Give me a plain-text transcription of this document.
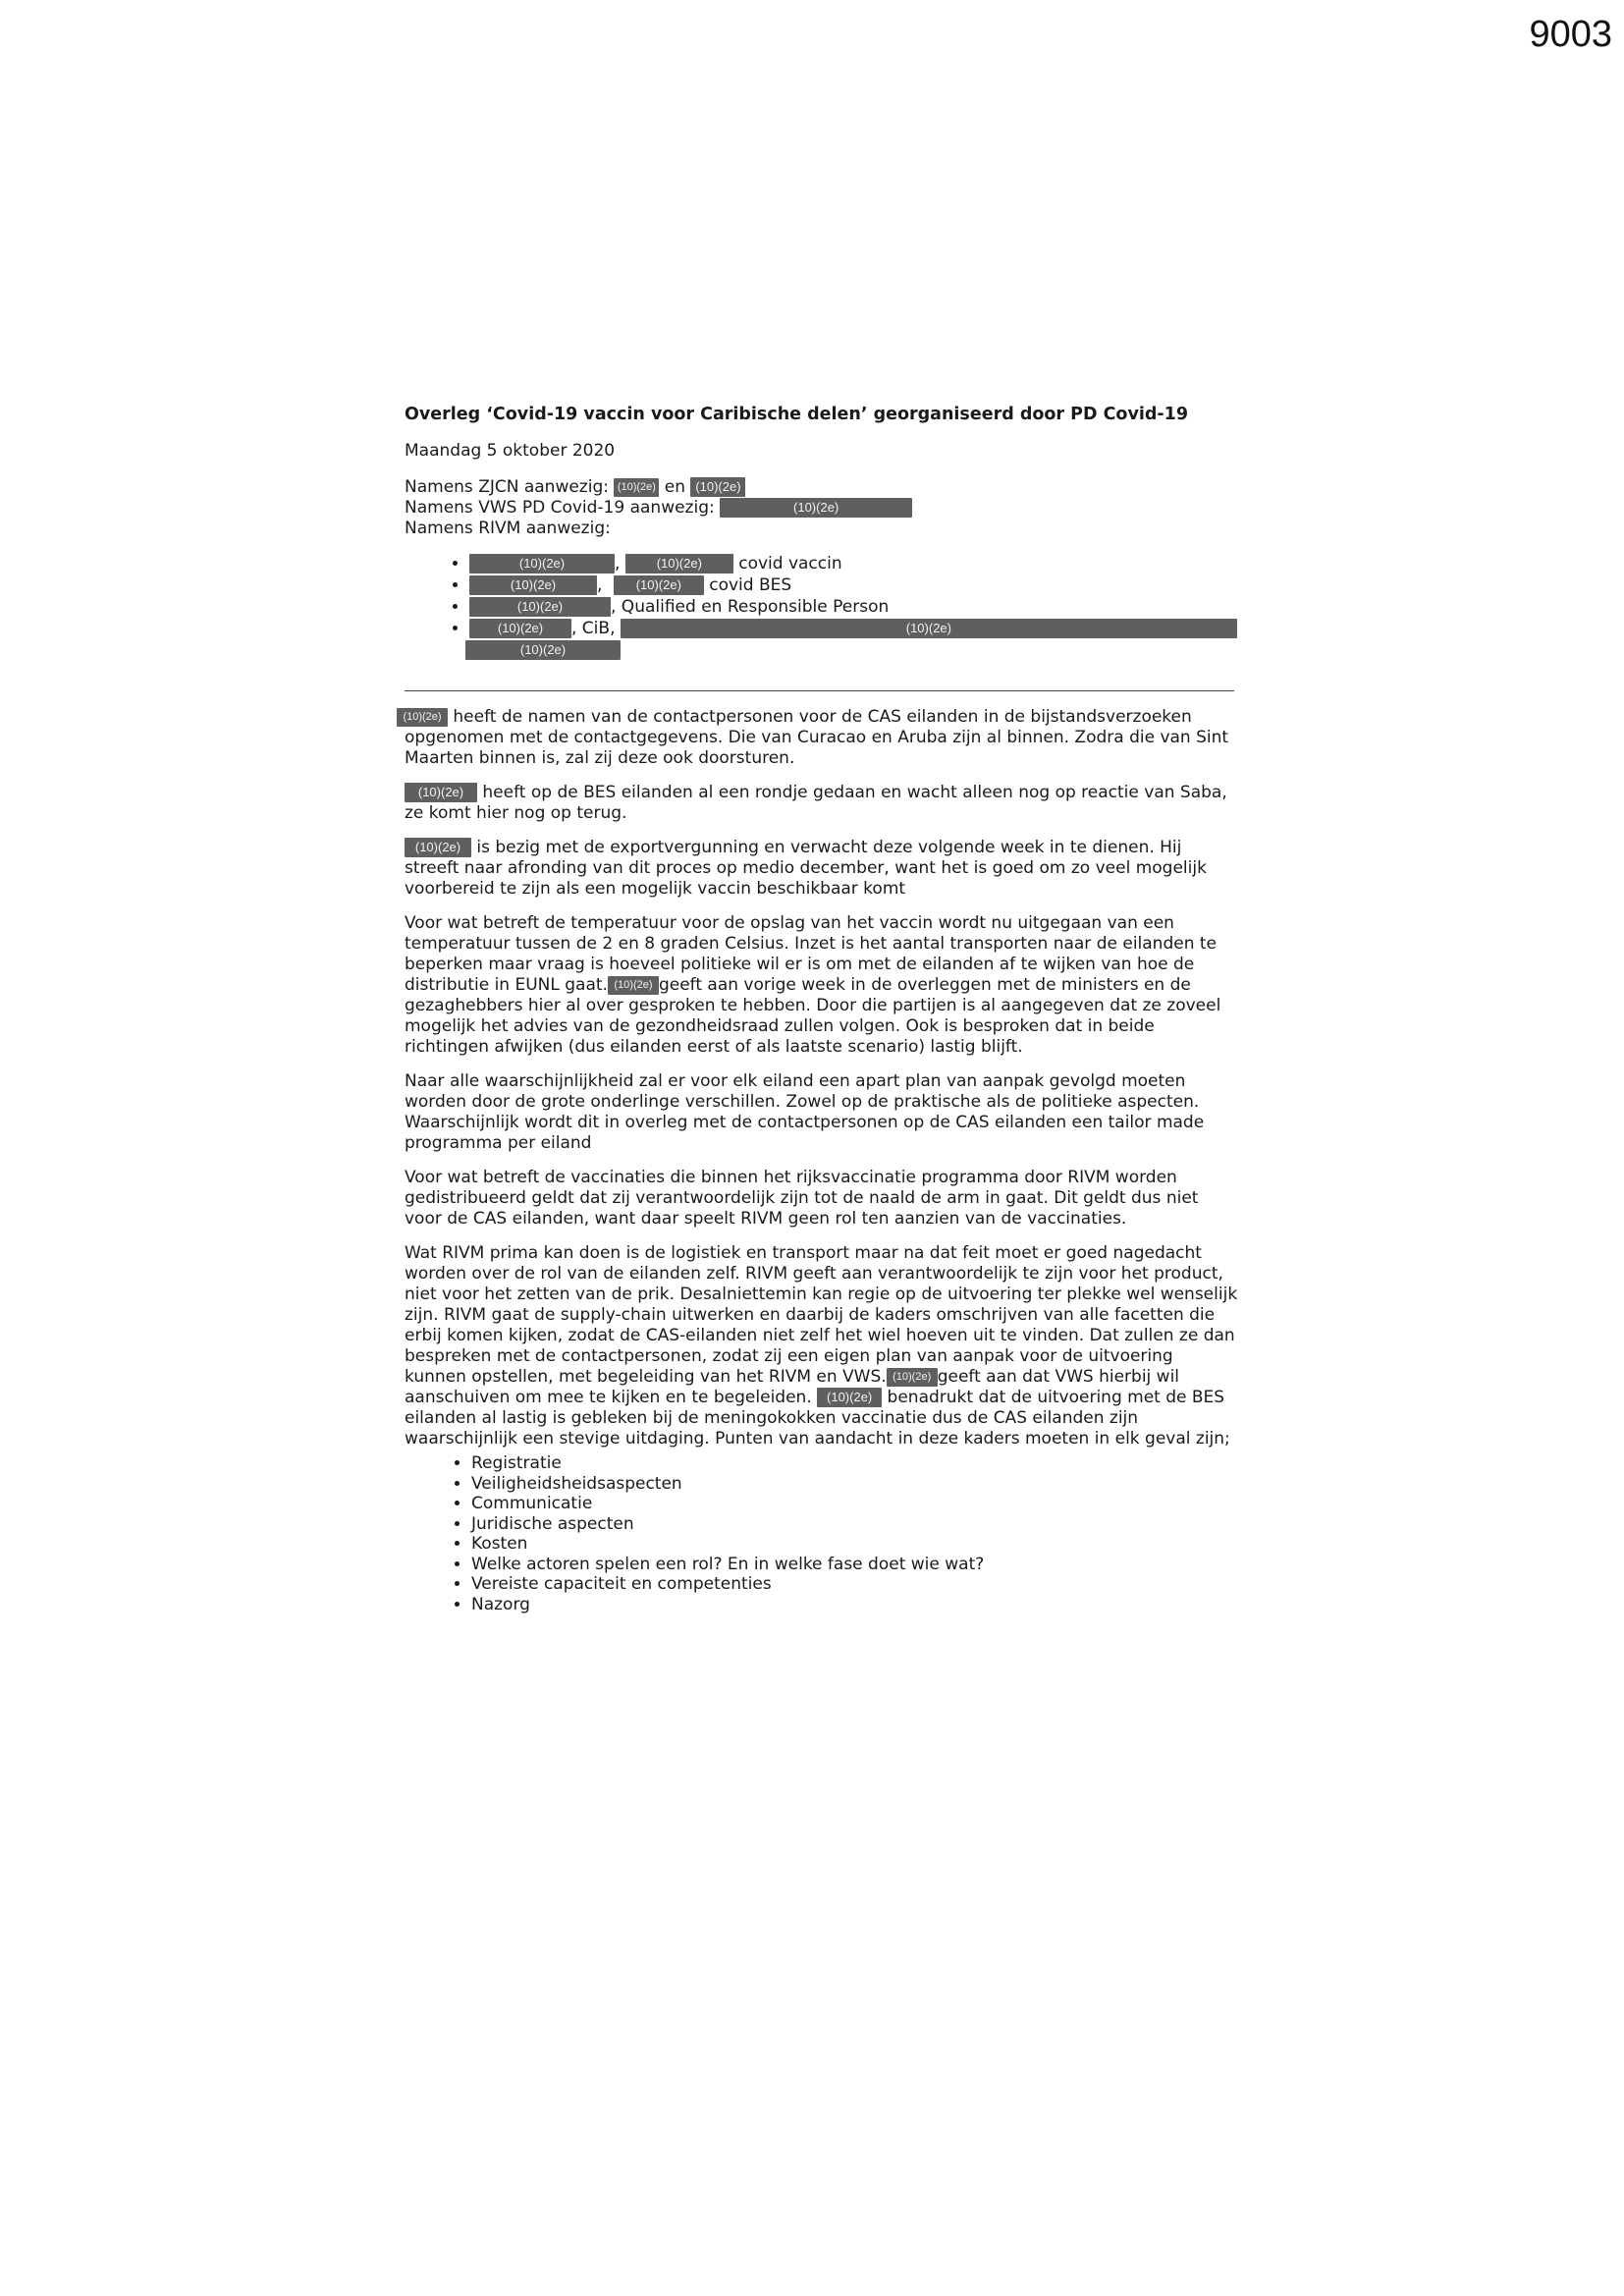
9003

Overleg ‘Covid-19 vaccin voor Caribische delen’ georganiseerd door PD Covid-19

Maandag 5 oktober 2020

Namens ZJCN aanwezig: (10)(2e) en (10)(2e)

Namens VWS PD Covid-19 aanwezig:	(10)(2e)

Namens RIVM aanwezig:

• (10)(2e)	,	(10)(2e) covid vaccin
• (10)(2e) ,	(10)(2e) covid BES
• (10)(2e)	, Qualified en Responsible Person
• (10)(2e) , CiB,	(10)(2e)
(10)(2e)

(10)(2e) heeft de namen van de contactpersonen voor de CAS eilanden in de bijstandsverzoeken opgenomen met de contactgegevens. Die van Curacao en Aruba zijn al binnen. Zodra die van Sint Maarten binnen is, zal zij deze ook doorsturen.

(10)(2e) heeft op de BES eilanden al een rondje gedaan en wacht alleen nog op reactie van Saba, ze komt hier nog op terug.

(10)(2e) is bezig met de exportvergunning en verwacht deze volgende week in te dienen. Hij streeft naar afronding van dit proces op medio december, want het is goed om zo veel mogelijk voorbereid te zijn als een mogelijk vaccin beschikbaar komt

Voor wat betreft de temperatuur voor de opslag van het vaccin wordt nu uitgegaan van een temperatuur tussen de 2 en 8 graden Celsius. Inzet is het aantal transporten naar de eilanden te beperken maar vraag is hoeveel politieke wil er is om met de eilanden af te wijken van hoe de distributie in EUNL gaat. (10)(2e) geeft aan vorige week in de overleggen met de ministers en de gezaghebbers hier al over gesproken te hebben. Door die partijen is al aangegeven dat ze zoveel mogelijk het advies van de gezondheidsraad zullen volgen. Ook is besproken dat in beide richtingen afwijken (dus eilanden eerst of als laatste scenario) lastig blijft.

Naar alle waarschijnlijkheid zal er voor elk eiland een apart plan van aanpak gevolgd moeten worden door de grote onderlinge verschillen. Zowel op de praktische als de politieke aspecten. Waarschijnlijk wordt dit in overleg met de contactpersonen op de CAS eilanden een tailor made programma per eiland

Voor wat betreft de vaccinaties die binnen het rijksvaccinatie programma door RIVM worden gedistribueerd geldt dat zij verantwoordelijk zijn tot de naald de arm in gaat. Dit geldt dus niet voor de CAS eilanden, want daar speelt RIVM geen rol ten aanzien van de vaccinaties.

Wat RIVM prima kan doen is de logistiek en transport maar na dat feit moet er goed nagedacht worden over de rol van de eilanden zelf. RIVM geeft aan verantwoordelijk te zijn voor het product, niet voor het zetten van de prik. Desalniettemin kan regie op de uitvoering ter plekke wel wenselijk zijn. RIVM gaat de supply-chain uitwerken en daarbij de kaders omschrijven van alle facetten die erbij komen kijken, zodat de CAS-eilanden niet zelf het wiel hoeven uit te vinden. Dat zullen ze dan bespreken met de contactpersonen, zodat zij een eigen plan van aanpak voor de uitvoering kunnen opstellen, met begeleiding van het RIVM en VWS. (10)(2e) geeft aan dat VWS hierbij wil aanschuiven om mee te kijken en te begeleiden. (10)(2e) benadrukt dat de uitvoering met de BES eilanden al lastig is gebleken bij de meningokokken vaccinatie dus de CAS eilanden zijn waarschijnlijk een stevige uitdaging. Punten van aandacht in deze kaders moeten in elk geval zijn;

• Registratie
• Veiligheidsheidsaspecten
• Communicatie
• Juridische aspecten
• Kosten
• Welke actoren spelen een rol? En in welke fase doet wie wat?
• Vereiste capaciteit en competenties
• Nazorg
